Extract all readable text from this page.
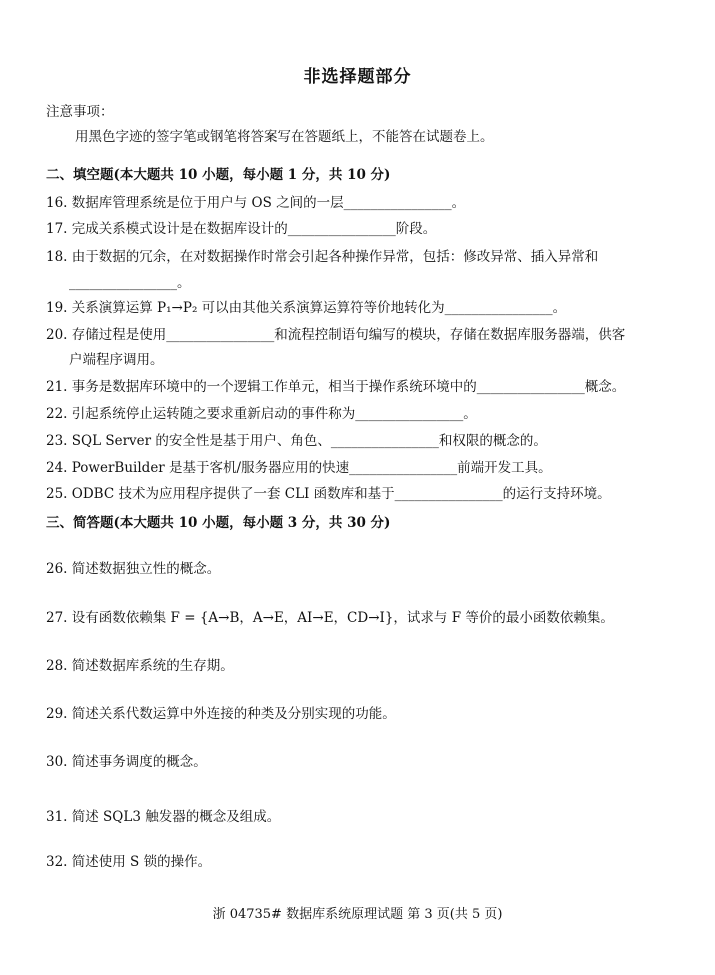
非选择题部分
注意事项：
用黑色字迹的签字笔或钢笔将答案写在答题纸上，不能答在试题卷上。
二、填空题(本大题共 10 小题，每小题 1 分，共 10 分)
16. 数据库管理系统是位于用户与 OS 之间的一层________________。
17. 完成关系模式设计是在数据库设计的________________阶段。
18. 由于数据的冗余，在对数据操作时常会引起各种操作异常，包括：修改异常、插入异常和
________________。
19. 关系演算运算 P₁→P₂ 可以由其他关系演算运算符等价地转化为________________。
20. 存储过程是使用________________和流程控制语句编写的模块，存储在数据库服务器端，供客
户端程序调用。
21. 事务是数据库环境中的一个逻辑工作单元，相当于操作系统环境中的________________概念。
22. 引起系统停止运转随之要求重新启动的事件称为________________。
23. SQL Server 的安全性是基于用户、角色、________________和权限的概念的。
24. PowerBuilder 是基于客机/服务器应用的快速________________前端开发工具。
25. ODBC 技术为应用程序提供了一套 CLI 函数库和基于________________的运行支持环境。
三、简答题(本大题共 10 小题，每小题 3 分，共 30 分)
26. 简述数据独立性的概念。
27. 设有函数依赖集 F = {A→B，A→E，AI→E，CD→I}，试求与 F 等价的最小函数依赖集。
28. 简述数据库系统的生存期。
29. 简述关系代数运算中外连接的种类及分别实现的功能。
30. 简述事务调度的概念。
31. 简述 SQL3 触发器的概念及组成。
32. 简述使用 S 锁的操作。
浙 04735# 数据库系统原理试题 第 3 页(共 5 页)
